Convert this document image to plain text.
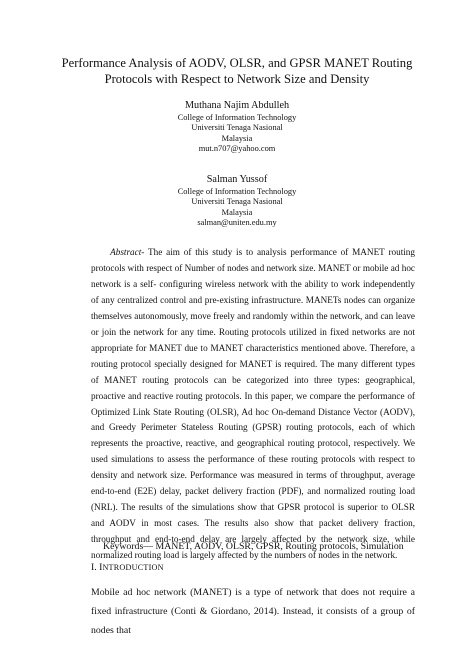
Performance Analysis of AODV, OLSR, and GPSR MANET Routing
Protocols with Respect to Network Size and Density
Muthana Najim Abdulleh
College of Information Technology
Universiti Tenaga Nasional
Malaysia
mut.n707@yahoo.com
Salman Yussof
College of Information Technology
Universiti Tenaga Nasional
Malaysia
salman@uniten.edu.my

Abstract- The aim of this study is to analysis performance of MANET routing protocols with respect of Number of nodes and network size. MANET or mobile ad hoc network is a self- configuring wireless network with the ability to work independently of any centralized control and pre-existing infrastructure. MANETs nodes can organize themselves autonomously, move freely and randomly within the network, and can leave or join the network for any time. Routing protocols utilized in fixed networks are not appropriate for MANET due to MANET characteristics mentioned above. Therefore, a routing protocol specially designed for MANET is required. The many different types of MANET routing protocols can be categorized into three types: geographical, proactive and reactive routing protocols. In this paper, we compare the performance of Optimized Link State Routing (OLSR), Ad hoc On-demand Distance Vector (AODV), and Greedy Perimeter Stateless Routing (GPSR) routing protocols, each of which represents the proactive, reactive, and geographical routing protocol, respectively. We used simulations to assess the performance of these routing protocols with respect to density and network size. Performance was measured in terms of throughput, average end-to-end (E2E) delay, packet delivery fraction (PDF), and normalized routing load (NRL). The results of the simulations show that GPSR protocol is superior to OLSR and AODV in most cases. The results also show that packet delivery fraction, throughput and end-to-end delay are largely affected by the network size, while normalized routing load is largely affected by the numbers of nodes in the network.

Keywords— MANET, AODV, OLSR, GPSR, Routing protocols, Simulation
I. INTRODUCTION

Mobile ad hoc network (MANET) is a type of network that does not require a fixed infrastructure (Conti & Giordano, 2014). Instead, it consists of a group of nodes that
